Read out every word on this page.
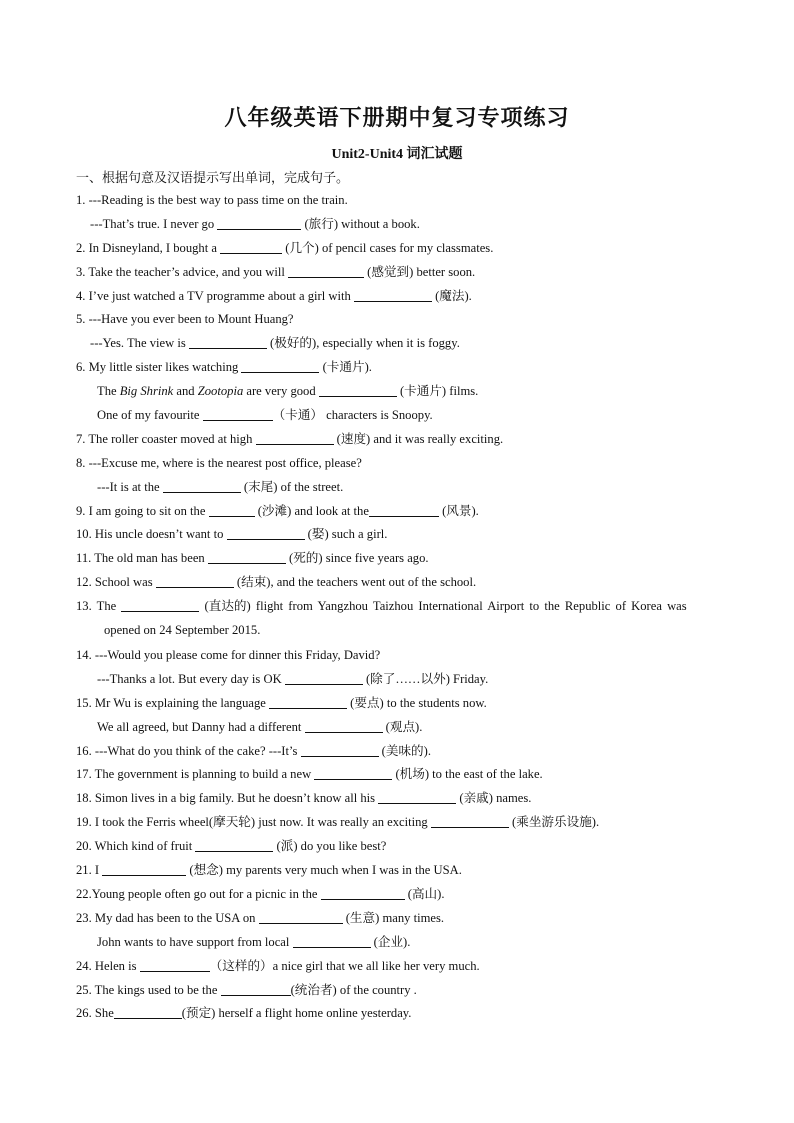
八年级英语下册期中复习专项练习
Unit2-Unit4 词汇试题
一、根据句意及汉语提示写出单词，完成句子。
1. ---Reading is the best way to pass time on the train.
---That’s true. I never go	(旅行) without a book.
2. In Disneyland, I bought a	(几个) of pencil cases for my classmates.
3. Take the teacher’s advice, and you will	(感觉到) better soon.
4. I’ve just watched a TV programme about a girl with	(魔法).
5. ---Have you ever been to Mount Huang?
---Yes. The view is	(极好的), especially when it is foggy.
6. My little sister likes watching	(卡通片).
The Big Shrink and Zootopia are very good	(卡通片) films.
One of my favourite	（卡通） characters is Snoopy.
7. The roller coaster moved at high	(速度) and it was really exciting.
8. ---Excuse me, where is the nearest post office, please?
---It is at the	(末尾) of the street.
9. I am going to sit on the	(沙滩) and look at the	(风景).
10. His uncle doesn’t want to	(娶) such a girl.
11. The old man has been	(死的) since five years ago.
12. School was	(结束), and the teachers went out of the school.
13. The	(直达的) flight from Yangzhou Taizhou International Airport to the Republic of Korea was
opened on 24 September 2015.
14. ---Would you please come for dinner this Friday, David?
---Thanks a lot. But every day is OK	(除了……以外) Friday.
15. Mr Wu is explaining the language	(要点) to the students now.
We all agreed, but Danny had a different	(观点).
16. ---What do you think of the cake? ---It’s	(美味的).
17. The government is planning to build a new	(机场) to the east of the lake.
18. Simon lives in a big family. But he doesn’t know all his	(亲戚) names.
19. I took the Ferris wheel(摩天轮) just now. It was really an exciting	(乘坐游乐设施).
20. Which kind of fruit	(派) do you like best?
21. I	(想念) my parents very much when I was in the USA.
22.Young people often go out for a picnic in the	(高山).
23. My dad has been to the USA on	(生意) many times.
John wants to have support from local	(企业).
24. Helen is	（这样的）a nice girl that we all like her very much.
25. The kings used to be the	(统治者) of the country .
26. She	(预定) herself a flight home online yesterday.
